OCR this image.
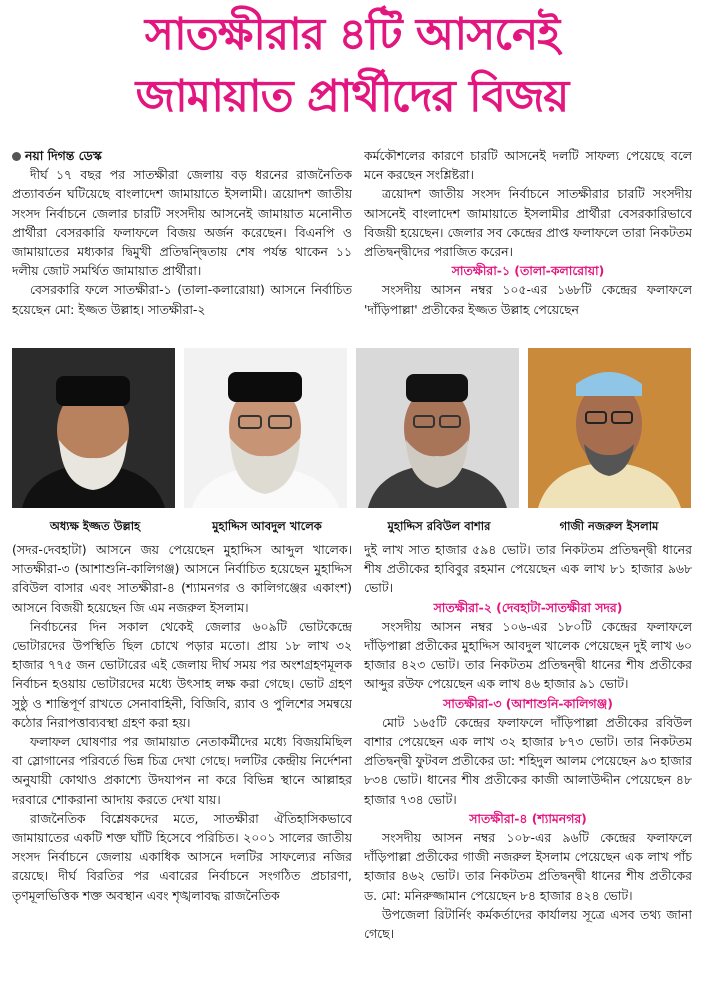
সাতক্ষীরার ৪টি আসনেই
জামায়াত প্রার্থীদের বিজয়

নয়া দিগন্ত ডেস্ক

দীর্ঘ ১৭ বছর পর সাতক্ষীরা জেলায় বড় ধরনের রাজনৈতিক প্রত্যাবর্তন ঘটিয়েছে বাংলাদেশ জামায়াতে ইসলামী। ত্রয়োদশ জাতীয় সংসদ নির্বাচনে জেলার চারটি সংসদীয় আসনেই জামায়াত মনোনীত প্রার্থীরা বেসরকারি ফলাফলে বিজয় অর্জন করেছেন। বিএনপি ও জামায়াতের মধ্যকার দ্বিমুখী প্রতিদ্বন্দ্বিতায় শেষ পর্যন্ত থাকেন ১১ দলীয় জোট সমর্থিত জামায়াত প্রার্থীরা।

বেসরকারি ফলে সাতক্ষীরা-১ (তালা-কলারোয়া) আসনে নির্বাচিত হয়েছেন মো: ইজ্জত উল্লাহ। সাতক্ষীরা-২

কর্মকৌশলের কারণে চারটি আসনেই দলটি সাফল্য পেয়েছে বলে মনে করছেন সংশ্লিষ্টরা।

ত্রয়োদশ জাতীয় সংসদ নির্বাচনে সাতক্ষীরার চারটি সংসদীয় আসনেই বাংলাদেশ জামায়াতে ইসলামীর প্রার্থীরা বেসরকারিভাবে বিজয়ী হয়েছেন। জেলার সব কেন্দ্রের প্রাপ্ত ফলাফলে তারা নিকটতম প্রতিদ্বন্দ্বীদের পরাজিত করেন।

সাতক্ষীরা-১ (তালা-কলারোয়া)

সংসদীয় আসন নম্বর ১০৫-এর ১৬৮টি কেন্দ্রের ফলাফলে 'দাঁড়িপাল্লা' প্রতীকের ইজ্জত উল্লাহ পেয়েছেন

অধ্যক্ষ ইজ্জত উল্লাহ	মুহাদ্দিস আবদুল খালেক	মুহাদ্দিস রবিউল বাশার	গাজী নজরুল ইসলাম

(সদর-দেবহাটা) আসনে জয় পেয়েছেন মুহাদ্দিস আব্দুল খালেক। সাতক্ষীরা-৩ (আশাশুনি-কালিগঞ্জ) আসনে নির্বাচিত হয়েছেন মুহাদ্দিস রবিউল বাসার এবং সাতক্ষীরা-৪ (শ্যামনগর ও কালিগঞ্জের একাংশ) আসনে বিজয়ী হয়েছেন জি এম নজরুল ইসলাম।

নির্বাচনের দিন সকাল থেকেই জেলার ৬০৯টি ভোটকেন্দ্রে ভোটারদের উপস্থিতি ছিল চোখে পড়ার মতো। প্রায় ১৮ লাখ ৩২ হাজার ৭৭৫ জন ভোটারের এই জেলায় দীর্ঘ সময় পর অংশগ্রহণমূলক নির্বাচন হওয়ায় ভোটারদের মধ্যে উৎসাহ লক্ষ করা গেছে। ভোট গ্রহণ সুষ্ঠু ও শান্তিপূর্ণ রাখতে সেনাবাহিনী, বিজিবি, র‍্যাব ও পুলিশের সমন্বয়ে কঠোর নিরাপত্তাব্যবস্থা গ্রহণ করা হয়।

ফলাফল ঘোষণার পর জামায়াত নেতাকর্মীদের মধ্যে বিজয়মিছিল বা স্লোগানের পরিবর্তে ভিন্ন চিত্র দেখা গেছে। দলটির কেন্দ্রীয় নির্দেশনা অনুযায়ী কোথাও প্রকাশ্যে উদযাপন না করে বিভিন্ন স্থানে আল্লাহর দরবারে শোকরানা আদায় করতে দেখা যায়।

রাজনৈতিক বিশ্লেষকদের মতে, সাতক্ষীরা ঐতিহাসিকভাবে জামায়াতের একটি শক্ত ঘাঁটি হিসেবে পরিচিত। ২০০১ সালের জাতীয় সংসদ নির্বাচনে জেলায় একাধিক আসনে দলটির সাফল্যের নজির রয়েছে। দীর্ঘ বিরতির পর এবারের নির্বাচনে সংগঠিত প্রচারণা, তৃণমূলভিত্তিক শক্ত অবস্থান এবং শৃঙ্খলাবদ্ধ রাজনৈতিক

দুই লাখ সাত হাজার ৫৯৪ ভোট। তার নিকটতম প্রতিদ্বন্দ্বী ধানের শীষ প্রতীকের হাবিবুর রহমান পেয়েছেন এক লাখ ৮১ হাজার ৯৬৮ ভোট।

সাতক্ষীরা-২ (দেবহাটা-সাতক্ষীরা সদর)

সংসদীয় আসন নম্বর ১০৬-এর ১৮০টি কেন্দ্রের ফলাফলে দাঁড়িপাল্লা প্রতীকের মুহাদ্দিস আবদুল খালেক পেয়েছেন দুই লাখ ৬০ হাজার ৪২৩ ভোট। তার নিকটতম প্রতিদ্বন্দ্বী ধানের শীষ প্রতীকের আব্দুর রউফ পেয়েছেন এক লাখ ৪৬ হাজার ৯১ ভোট।

সাতক্ষীরা-৩ (আশাশুনি-কালিগঞ্জ)

মোট ১৬৫টি কেন্দ্রের ফলাফলে দাঁড়িপাল্লা প্রতীকের রবিউল বাশার পেয়েছেন এক লাখ ৩২ হাজার ৮৭৩ ভোট। তার নিকটতম প্রতিদ্বন্দ্বী ফুটবল প্রতীকের ডা: শহিদুল আলম পেয়েছেন ৯৩ হাজার ৮৩৪ ভোট। ধানের শীষ প্রতীকের কাজী আলাউদ্দীন পেয়েছেন ৪৮ হাজার ৭৩৪ ভোট।

সাতক্ষীরা-৪ (শ্যামনগর)

সংসদীয় আসন নম্বর ১০৮-এর ৯৬টি কেন্দ্রের ফলাফলে দাঁড়িপাল্লা প্রতীকের গাজী নজরুল ইসলাম পেয়েছেন এক লাখ পাঁচ হাজার ৪৬২ ভোট। তার নিকটতম প্রতিদ্বন্দ্বী ধানের শীষ প্রতীকের ড. মো: মনিরুজ্জামান পেয়েছেন ৮৪ হাজার ৪২৪ ভোট।

উপজেলা রিটার্নিং কর্মকর্তাদের কার্যালয় সূত্রে এসব তথ্য জানা গেছে।
